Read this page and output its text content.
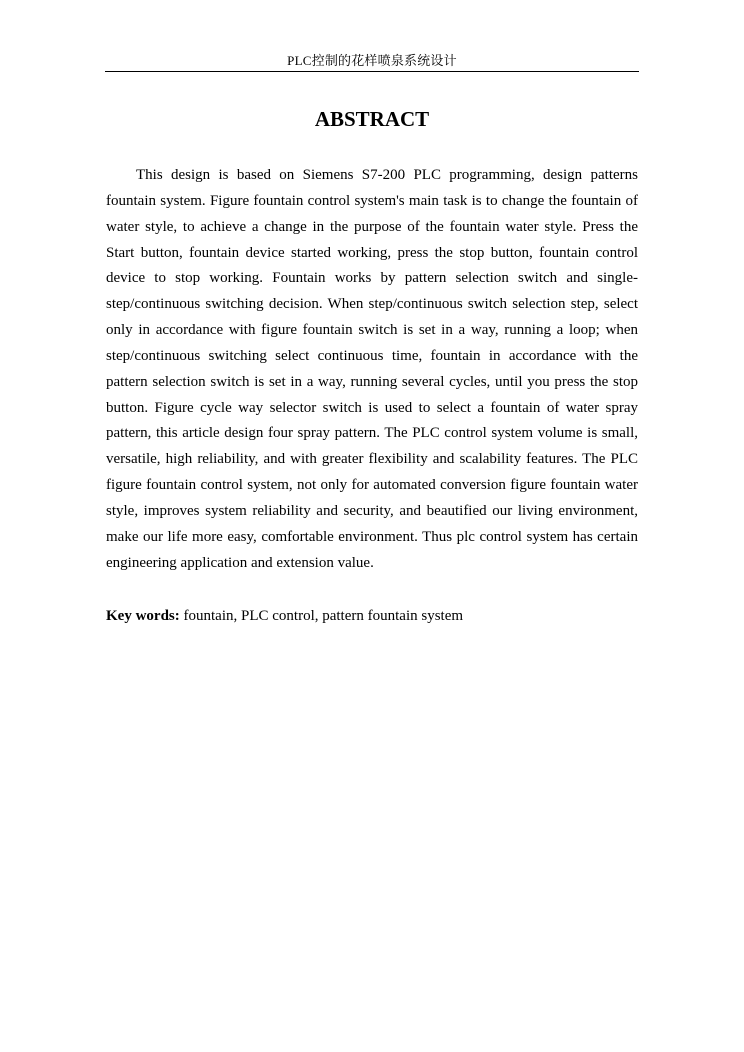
PLC控制的花样喷泉系统设计
ABSTRACT

This design is based on Siemens S7-200 PLC programming, design patterns fountain system. Figure fountain control system's main task is to change the fountain of water style, to achieve a change in the purpose of the fountain water style. Press the Start button, fountain device started working, press the stop button, fountain control device to stop working. Fountain works by pattern selection switch and single-step/continuous switching decision. When step/continuous switch selection step, select only in accordance with figure fountain switch is set in a way, running a loop; when step/continuous switching select continuous time, fountain in accordance with the pattern selection switch is set in a way, running several cycles, until you press the stop button. Figure cycle way selector switch is used to select a fountain of water spray pattern, this article design four spray pattern. The PLC control system volume is small, versatile, high reliability, and with greater flexibility and scalability features. The PLC figure fountain control system, not only for automated conversion figure fountain water style, improves system reliability and security, and beautified our living environment, make our life more easy, comfortable environment. Thus plc control system has certain engineering application and extension value.

Key words: fountain, PLC control, pattern fountain system
